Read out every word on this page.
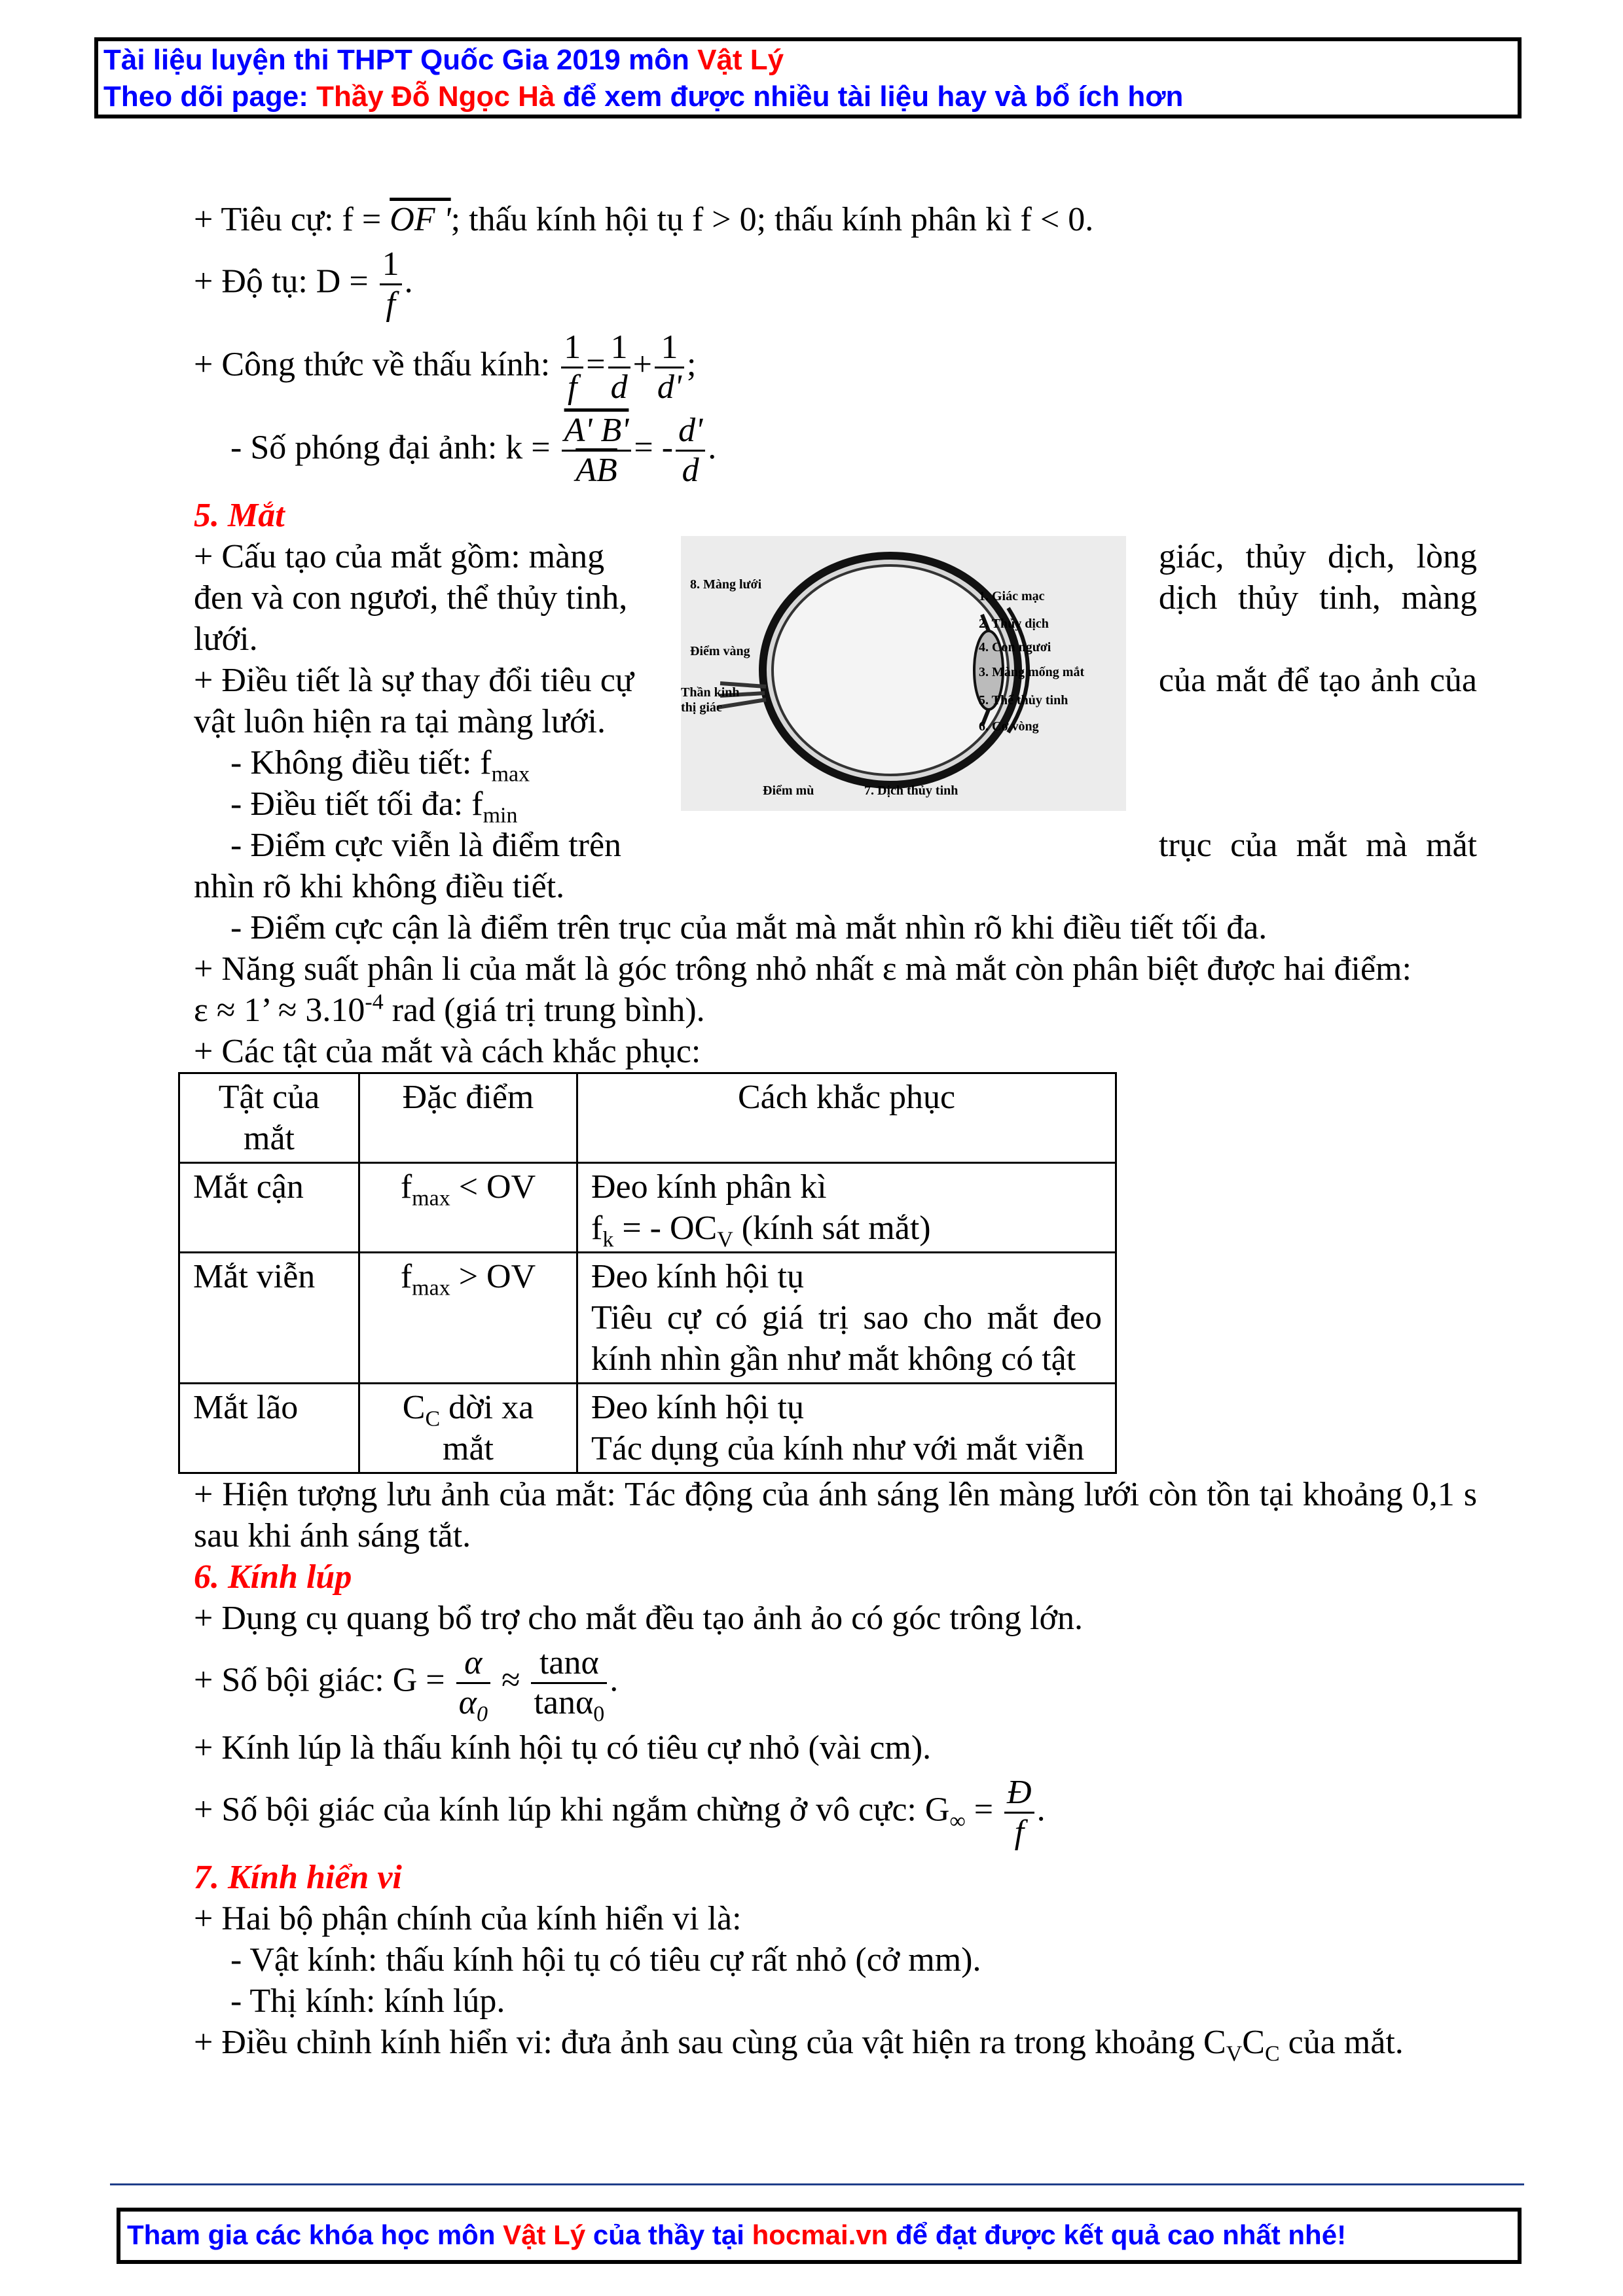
Tài liệu luyện thi THPT Quốc Gia 2019 môn Vật Lý
Theo dõi page: Thầy Đỗ Ngọc Hà để xem được nhiều tài liệu hay và bổ ích hơn

+ Tiêu cự: f = OF '; thấu kính hội tụ f > 0; thấu kính phân kì f < 0.

+ Độ tụ: $D = \frac{1}{f}$ .

+ Công thức về thấu kính: $\frac{1}{f} = \frac{1}{d} + \frac{1}{d'}$ ;

- Số phóng đại ảnh: $k = \frac{A' B'}{AB}$ = - $\frac{d'}{d}$ .

5. Mắt

+ Cấu tạo của mắt gồm: màng
đen và con ngươi, thể thủy tinh,
lưới.
+ Điều tiết là sự thay đổi tiêu cự
vật luôn hiện ra tại màng lưới.
- Không điều tiết: $f_{max}$
- Điều tiết tối đa: $f_{min}$
- Điểm cực viễn là điểm trên
8. Màng lưới
Điểm vàng
Thần kinh
thị giác
Điểm mù	7. Dịch thủy tinh
1. Giác mạc
2. Thủy dịch
4. Con ngươi
3. Màng mống mắt
5. Thể thủy tinh
6. Cơ vòng
giác, thủy dịch, lòng
dịch thủy tinh, màng

của mắt để tạo ảnh của

trục của mắt mà mắt

nhìn rõ khi không điều tiết.

- Điểm cực cận là điểm trên trục của mắt mà mắt nhìn rõ khi điều tiết tối đa.

+ Năng suất phân li của mắt là góc trông nhỏ nhất ε mà mắt còn phân biệt được hai điểm:

ε ≈ 1’ ≈ $3.10^{-4}$ rad (giá trị trung bình).

+ Các tật của mắt và cách khắc phục:

Tật của mắt	Đặc điểm	Cách khắc phục
Mắt cận	$f_{max}$ < OV	Đeo kính phân kì
$f_k$ = - $OC_V$ (kính sát mắt)

Mắt viễn	$f_{max}$ > OV	Đeo kính hội tụ
Tiêu cự có giá trị sao cho mắt đeo kính nhìn gần như mắt không có tật

Mắt lão	$C_C$ dời xa mắt	Đeo kính hội tụ
Tác dụng của kính như với mắt viễn

+ Hiện tượng lưu ảnh của mắt: Tác động của ánh sáng lên màng lưới còn tồn tại khoảng 0,1 s sau khi ánh sáng tắt.

6. Kính lúp

+ Dụng cụ quang bổ trợ cho mắt đều tạo ảnh ảo có góc trông lớn.

+ Số bội giác: $G = \frac{\alpha}{\alpha_0} \approx \frac{\tan\alpha}{\tan\alpha_0}$ .

+ Kính lúp là thấu kính hội tụ có tiêu cự nhỏ (vài cm).

+ Số bội giác của kính lúp khi ngắm chừng ở vô cực: $G_\infty = \frac{Đ}{f}$ .

7. Kính hiển vi

+ Hai bộ phận chính của kính hiển vi là:

- Vật kính: thấu kính hội tụ có tiêu cự rất nhỏ (cở mm).

- Thị kính: kính lúp.

+ Điều chỉnh kính hiển vi: đưa ảnh sau cùng của vật hiện ra trong khoảng $C_VC_C$ của mắt.

Tham gia các khóa học môn Vật Lý của thầy tại hocmai.vn để đạt được kết quả cao nhất nhé!
